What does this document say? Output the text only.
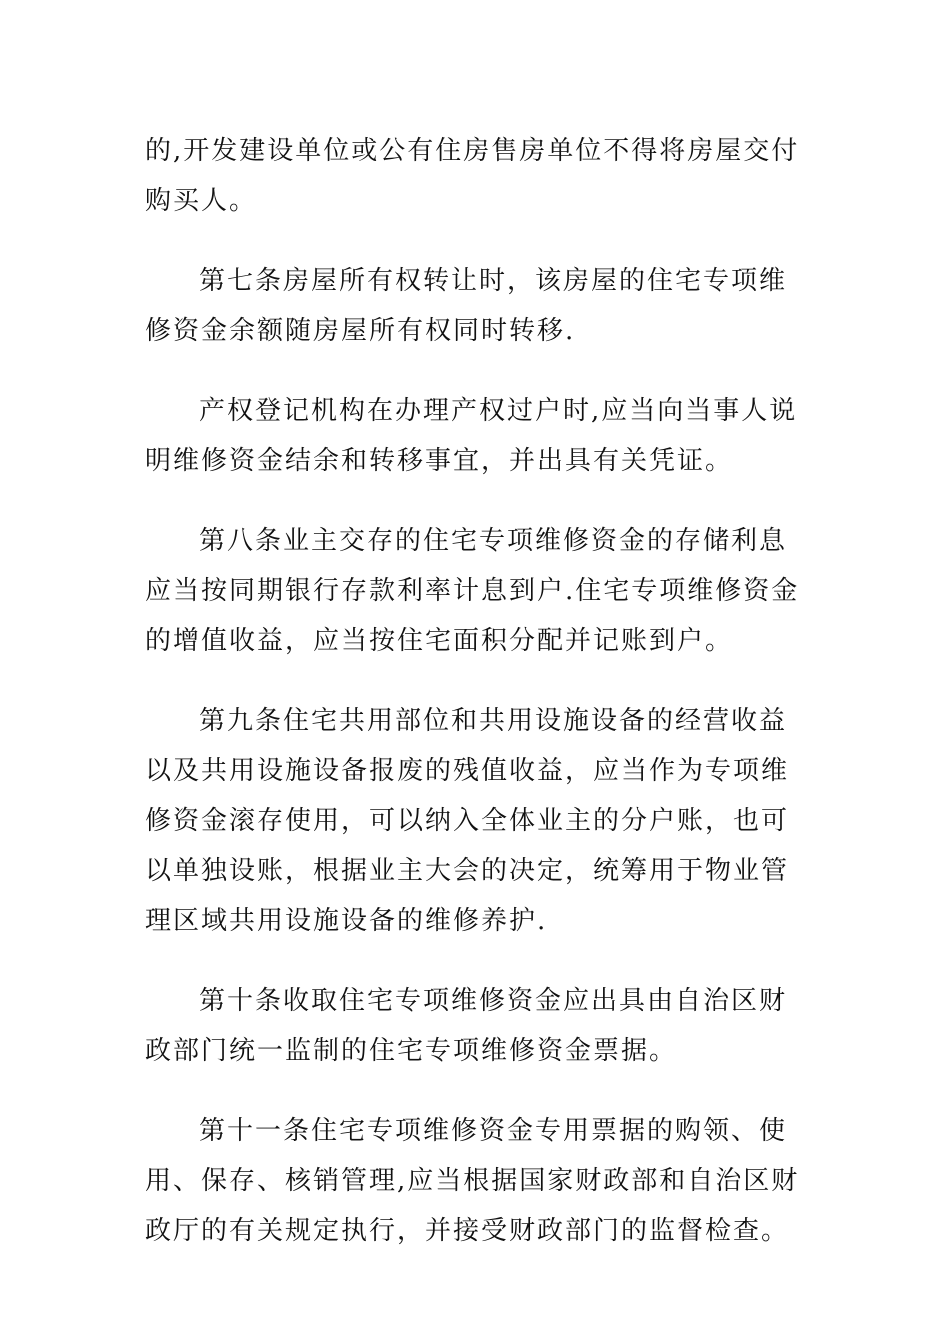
的,开发建设单位或公有住房售房单位不得将房屋交付购买人。

第七条房屋所有权转让时，该房屋的住宅专项维修资金余额随房屋所有权同时转移.

产权登记机构在办理产权过户时,应当向当事人说明维修资金结余和转移事宜，并出具有关凭证。

第八条业主交存的住宅专项维修资金的存储利息应当按同期银行存款利率计息到户.住宅专项维修资金的增值收益，应当按住宅面积分配并记账到户。

第九条住宅共用部位和共用设施设备的经营收益以及共用设施设备报废的残值收益，应当作为专项维修资金滚存使用，可以纳入全体业主的分户账，也可以单独设账，根据业主大会的决定，统筹用于物业管理区域共用设施设备的维修养护.

第十条收取住宅专项维修资金应出具由自治区财政部门统一监制的住宅专项维修资金票据。

第十一条住宅专项维修资金专用票据的购领、使用、保存、核销管理,应当根据国家财政部和自治区财政厅的有关规定执行，并接受财政部门的监督检查。
